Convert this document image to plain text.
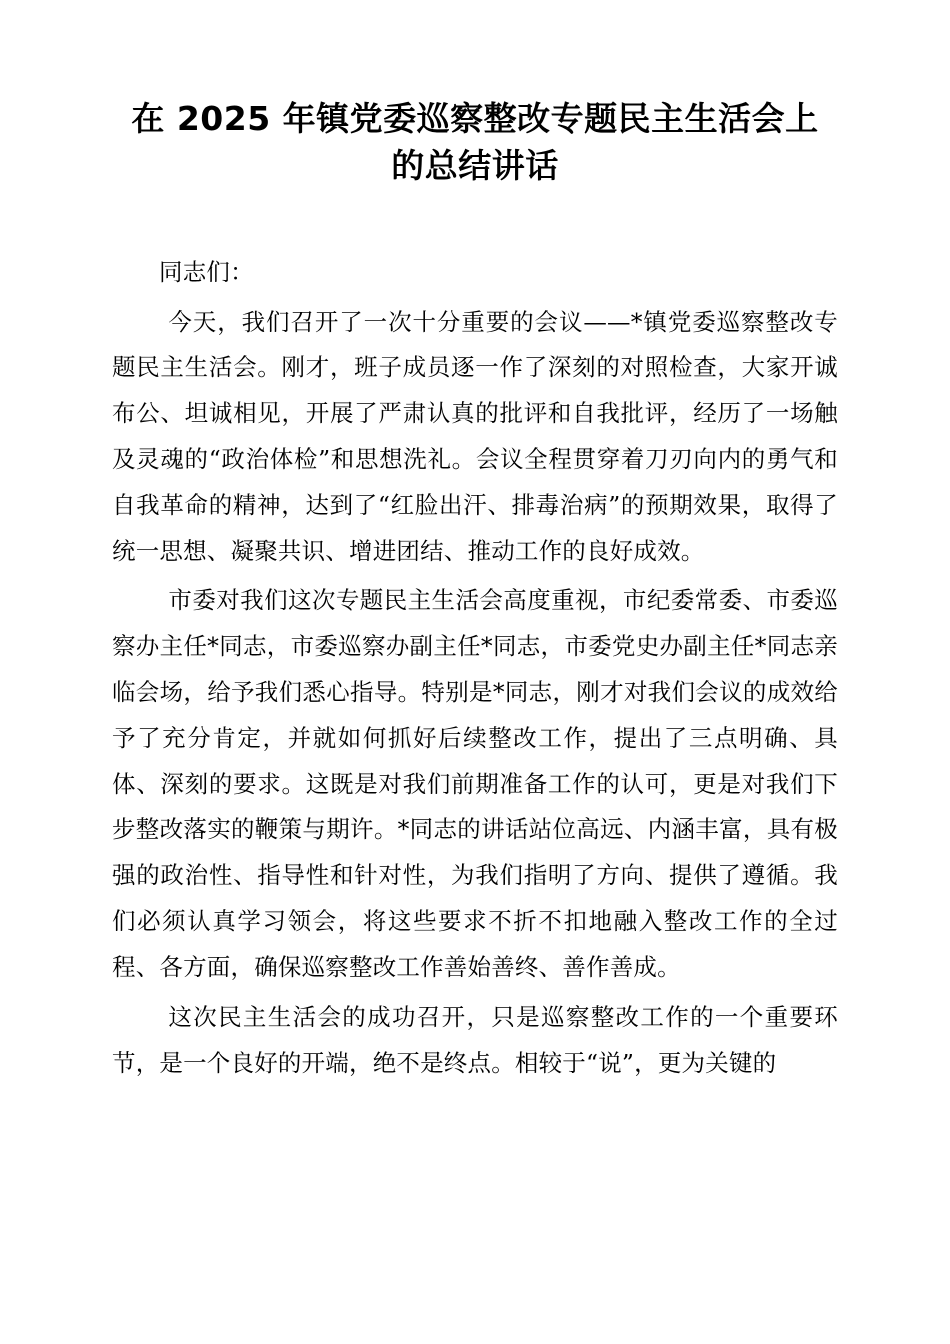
在 2025 年镇党委巡察整改专题民主生活会上的总结讲话

同志们：

今天，我们召开了一次十分重要的会议——*镇党委巡察整改专题民主生活会。刚才，班子成员逐一作了深刻的对照检查，大家开诚布公、坦诚相见，开展了严肃认真的批评和自我批评，经历了一场触及灵魂的“政治体检”和思想洗礼。会议全程贯穿着刀刃向内的勇气和自我革命的精神，达到了“红脸出汗、排毒治病”的预期效果，取得了统一思想、凝聚共识、增进团结、推动工作的良好成效。

市委对我们这次专题民主生活会高度重视，市纪委常委、市委巡察办主任*同志，市委巡察办副主任*同志，市委党史办副主任*同志亲临会场，给予我们悉心指导。特别是*同志，刚才对我们会议的成效给予了充分肯定，并就如何抓好后续整改工作，提出了三点明确、具体、深刻的要求。这既是对我们前期准备工作的认可，更是对我们下步整改落实的鞭策与期许。*同志的讲话站位高远、内涵丰富，具有极强的政治性、指导性和针对性，为我们指明了方向、提供了遵循。我们必须认真学习领会，将这些要求不折不扣地融入整改工作的全过程、各方面，确保巡察整改工作善始善终、善作善成。

这次民主生活会的成功召开，只是巡察整改工作的一个重要环节，是一个良好的开端，绝不是终点。相较于“说”，更为关键的
